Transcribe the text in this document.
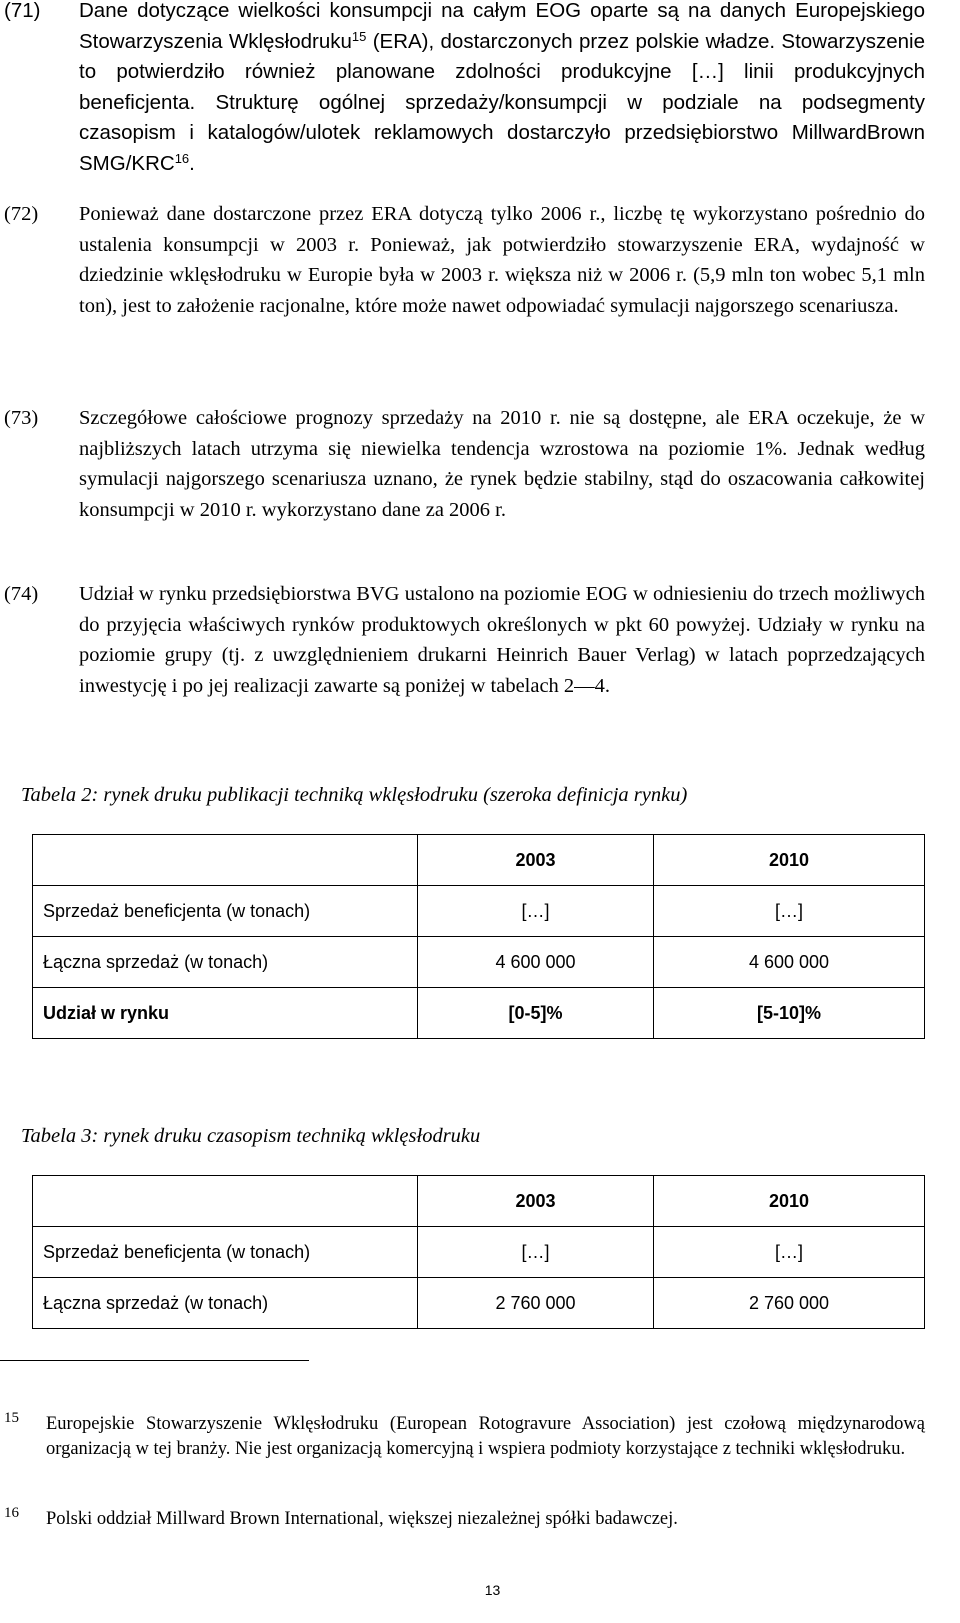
(71) Dane dotyczące wielkości konsumpcji na całym EOG oparte są na danych Europejskiego Stowarzyszenia Wklęsłodruku$^{15}$ (ERA), dostarczonych przez polskie władze. Stowarzyszenie to potwierdziło również planowane zdolności produkcyjne […] linii produkcyjnych beneficjenta. Strukturę ogólnej sprzedaży/konsumpcji w podziale na podsegmenty czasopism i katalogów/ulotek reklamowych dostarczyło przedsiębiorstwo MillwardBrown SMG/KRC$^{16}$.
(72) Ponieważ dane dostarczone przez ERA dotyczą tylko 2006 r., liczbę tę wykorzystano pośrednio do ustalenia konsumpcji w 2003 r. Ponieważ, jak potwierdziło stowarzyszenie ERA, wydajność w dziedzinie wklęsłodruku w Europie była w 2003 r. większa niż w 2006 r. (5,9 mln ton wobec 5,1 mln ton), jest to założenie racjonalne, które może nawet odpowiadać symulacji najgorszego scenariusza.
(73) Szczegółowe całościowe prognozy sprzedaży na 2010 r. nie są dostępne, ale ERA oczekuje, że w najbliższych latach utrzyma się niewielka tendencja wzrostowa na poziomie 1%. Jednak według symulacji najgorszego scenariusza uznano, że rynek będzie stabilny, stąd do oszacowania całkowitej konsumpcji w 2010 r. wykorzystano dane za 2006 r.
(74) Udział w rynku przedsiębiorstwa BVG ustalono na poziomie EOG w odniesieniu do trzech możliwych do przyjęcia właściwych rynków produktowych określonych w pkt 60 powyżej. Udziały w rynku na poziomie grupy (tj. z uwzględnieniem drukarni Heinrich Bauer Verlag) w latach poprzedzających inwestycję i po jej realizacji zawarte są poniżej w tabelach 2—4.
Tabela 2: rynek druku publikacji techniką wklęsłodruku (szeroka definicja rynku)
	2003	2010
Sprzedaż beneficjenta (w tonach)	[…]	[…]
Łączna sprzedaż (w tonach)	4 600 000	4 600 000
Udział w rynku	[0-5]%	[5-10]%
Tabela 3: rynek druku czasopism techniką wklęsłodruku
	2003	2010
Sprzedaż beneficjenta (w tonach)	[…]	[…]
Łączna sprzedaż (w tonach)	2 760 000	2 760 000
15 Europejskie Stowarzyszenie Wklęsłodruku (European Rotogravure Association) jest czołową międzynarodową organizacją w tej branży. Nie jest organizacją komercyjną i wspiera podmioty korzystające z techniki wklęsłodruku.
16 Polski oddział Millward Brown International, większej niezależnej spółki badawczej.
13
